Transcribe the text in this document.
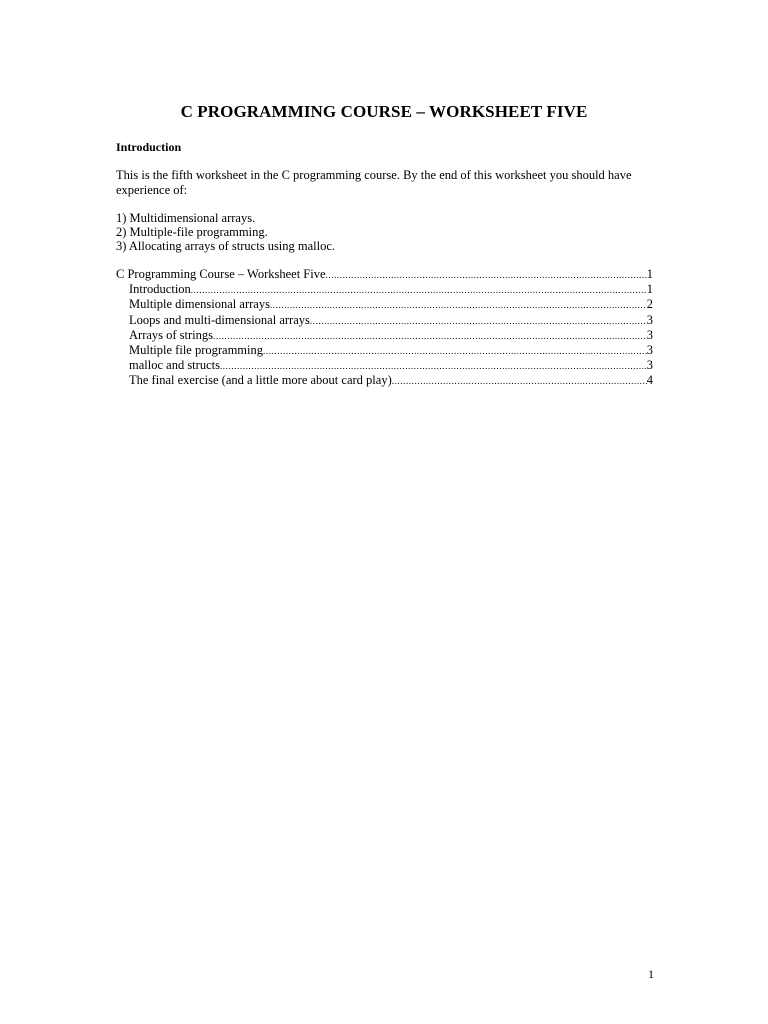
C PROGRAMMING COURSE – WORKSHEET FIVE
Introduction

This is the fifth worksheet in the C programming course. By the end of this worksheet you should have experience of:

1) Multidimensional arrays.
2) Multiple-file programming.
3) Allocating arrays of structs using malloc.
C Programming Course – Worksheet Five .....	1
Introduction .....	1
Multiple dimensional arrays .....	2
Loops and multi-dimensional arrays .....	3
Arrays of strings .....	3
Multiple file programming .....	3
malloc and structs .....	3
The final exercise (and a little more about card play) .....	4

1
